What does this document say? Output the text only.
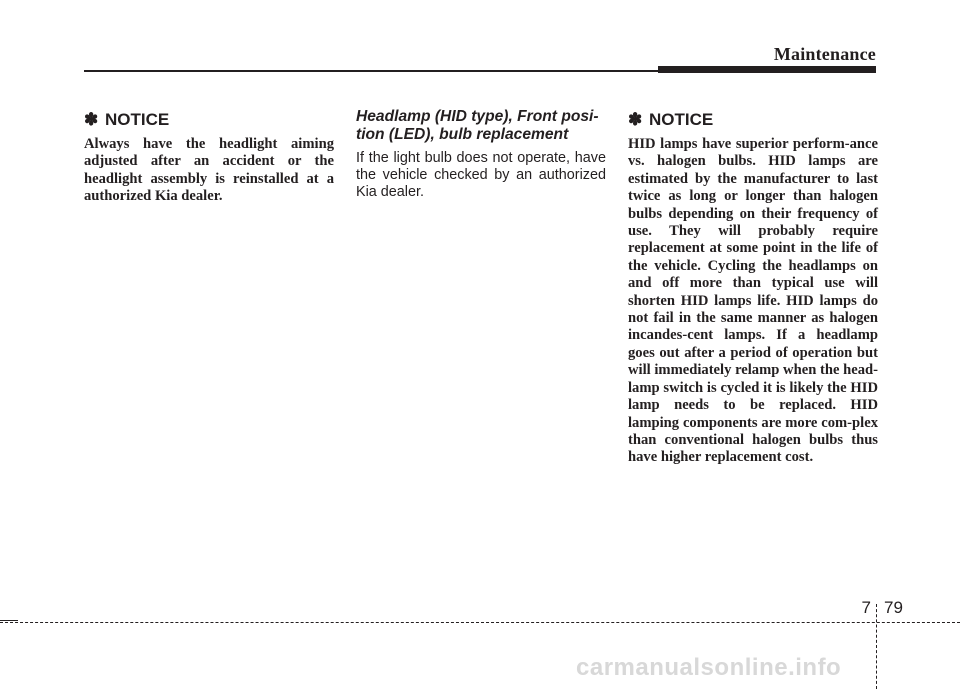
Maintenance
✽ NOTICE

Always have the headlight aiming adjusted after an accident or the headlight assembly is reinstalled at a authorized Kia dealer.

Headlamp (HID type), Front posi-tion (LED), bulb replacement

If the light bulb does not operate, have the vehicle checked by an authorized Kia dealer.

✽ NOTICE

HID lamps have superior perform-ance vs. halogen bulbs. HID lamps are estimated by the manufacturer to last twice as long or longer than halogen bulbs depending on their frequency of use. They will probably require replacement at some point in the life of the vehicle. Cycling the headlamps on and off more than typical use will shorten HID lamps life. HID lamps do not fail in the same manner as halogen incandes-cent lamps. If a headlamp goes out after a period of operation but will immediately relamp when the head-lamp switch is cycled it is likely the HID lamp needs to be replaced. HID lamping components are more com-plex than conventional halogen bulbs thus have higher replacement cost.

7 79
carmanualsonline.info
